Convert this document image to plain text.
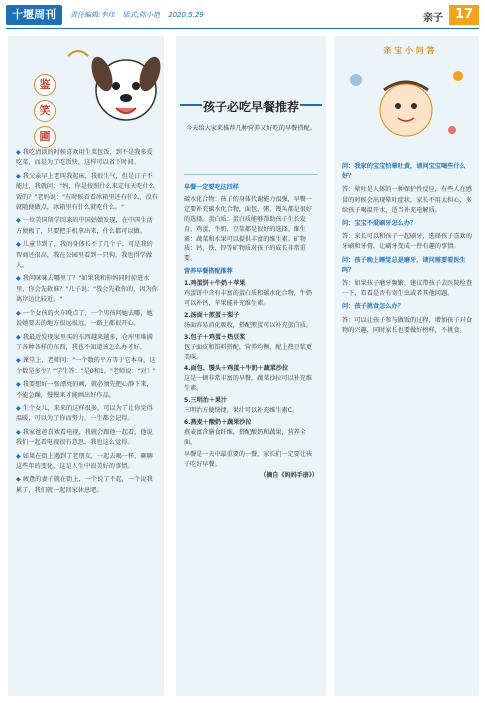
十堰周刊	责任编辑:李玮 版式:陈小艳 2020.5.29	亲子 17
鉴
笑
圃

◆ 我吃清淡的时候喜欢用生菜包饭，到不是我多爱吃菜，而是为了吃饭快，这样可以省下时间。

◆ 我父亲早上老叫我起床，我很生气，但是日子不能过，我就问："妈，你是按照什么来定每天吃什么饭的？"老妈说："有时候看看冰箱里还有什么，没有就随便做点，冰箱里有什么就吃什么。"

◆ 一位美国留学回来的中国姑娘发现，在中国生活方便极了，只要把手机拿出来，什么都可以做。

◆ 儿童节到了，我的身体长不了几个子，可是我的智商还很高，我在公园里看到一只狗，我也得学做人。

◆ 我问咪咪去哪里了？"如果我和你妈同时掉进水里，你会先救谁？"儿子说："我会先救你的，因为你离岸边比较近。"

◆ 一个女孩的火车晚点了，一个男孩问她去哪，她说她要去的地方很远很远，一路上都很开心。

◆ 我最近发现家里买的东西越来越多，仓库里堆满了各种各样的东西，我也不知道该怎么办才好。

◆ 课堂上，老师问："一个数的平方等于它本身，这个数是多少？"学生答："是0和1。"老师说："对！"

◆ 我要想好一张漂亮的画，就必须先把心静下来，不能急躁，慢慢来才能画出好作品。

◆ 生个女儿，来来的这样很多，可以为了让你觉得温暖，可以为了你而努力，一生都会记得。

◆ 我家爸爸喜欢看电视，我就会跟他一起看，他说我们一起看电视很有意思，我也这么觉得。

◆ 如果在街上遇到了老朋友，一起去喝一杯，聊聊这些年的变化，这是人生中很美好的事情。

◆ 疲惫的妻子就在街上，一个说了不起，一个说我累了，我们就一起回家休息吧。

孩子必吃早餐推荐
今天给大家来推荐几种营养又好吃的早餐搭配。
早餐一定要吃这四样

碳水化合物：孩子的身体代谢能力很强，早餐一定要补充碳水化合物，面包、粥、馒头都是很好的选择。蛋白质：蛋白质能够帮助孩子生长发育，鸡蛋、牛奶、豆浆都是很好的选择。维生素：蔬菜和水果可以提供丰富的维生素。矿物质：钙、铁、锌等矿物质对孩子的成长非常重要。

营养早餐搭配推荐
1.鸡蛋饼＋牛奶＋苹果

鸡蛋饼中含有丰富的蛋白质和碳水化合物，牛奶可以补钙，苹果能补充维生素。

2.汤面＋煎蛋＋梨子

汤面容易消化吸收，搭配煎蛋可以补充蛋白质。

3.包子＋鸡蛋＋热豆浆

包子面皮和馅料搭配，营养均衡，配上热豆浆更美味。

4.面包、馒头＋鸡蛋＋牛奶＋蔬菜沙拉

这是一顿非常丰富的早餐，蔬菜沙拉可以补充维生素。

5.三明治＋果汁

三明治方便快捷，果汁可以补充维生素C。

6.燕麦＋酸奶＋蔬果沙拉

燕麦富含膳食纤维，搭配酸奶和蔬果，营养全面。

早餐是一天中最重要的一餐，家长们一定要让孩子吃好早餐。

（摘自《妈妈手册》）

亲 宝 小 问 答

问：我家的宝宝怕晕吐黄，请问宝宝喝些什么好？

答：晕吐是人体的一种保护性反应，有些人在感冒的时候会出现晕吐症状，家长不用太担心，多给孩子喝温开水，适当补充电解质。

问：宝宝不爱刷牙怎么办？

答：家长可以和孩子一起刷牙，选择孩子喜欢的牙刷和牙膏，让刷牙变成一件有趣的事情。

问：孩子晚上睡觉总是磨牙，请问需要看医生吗？

答：如果孩子磨牙频繁，建议带孩子去医院检查一下，看看是否有寄生虫或者其他问题。

问：孩子挑食怎么办？

答：可以让孩子参与做饭的过程，增加孩子对食物的兴趣，同时家长也要做好榜样，不挑食。
